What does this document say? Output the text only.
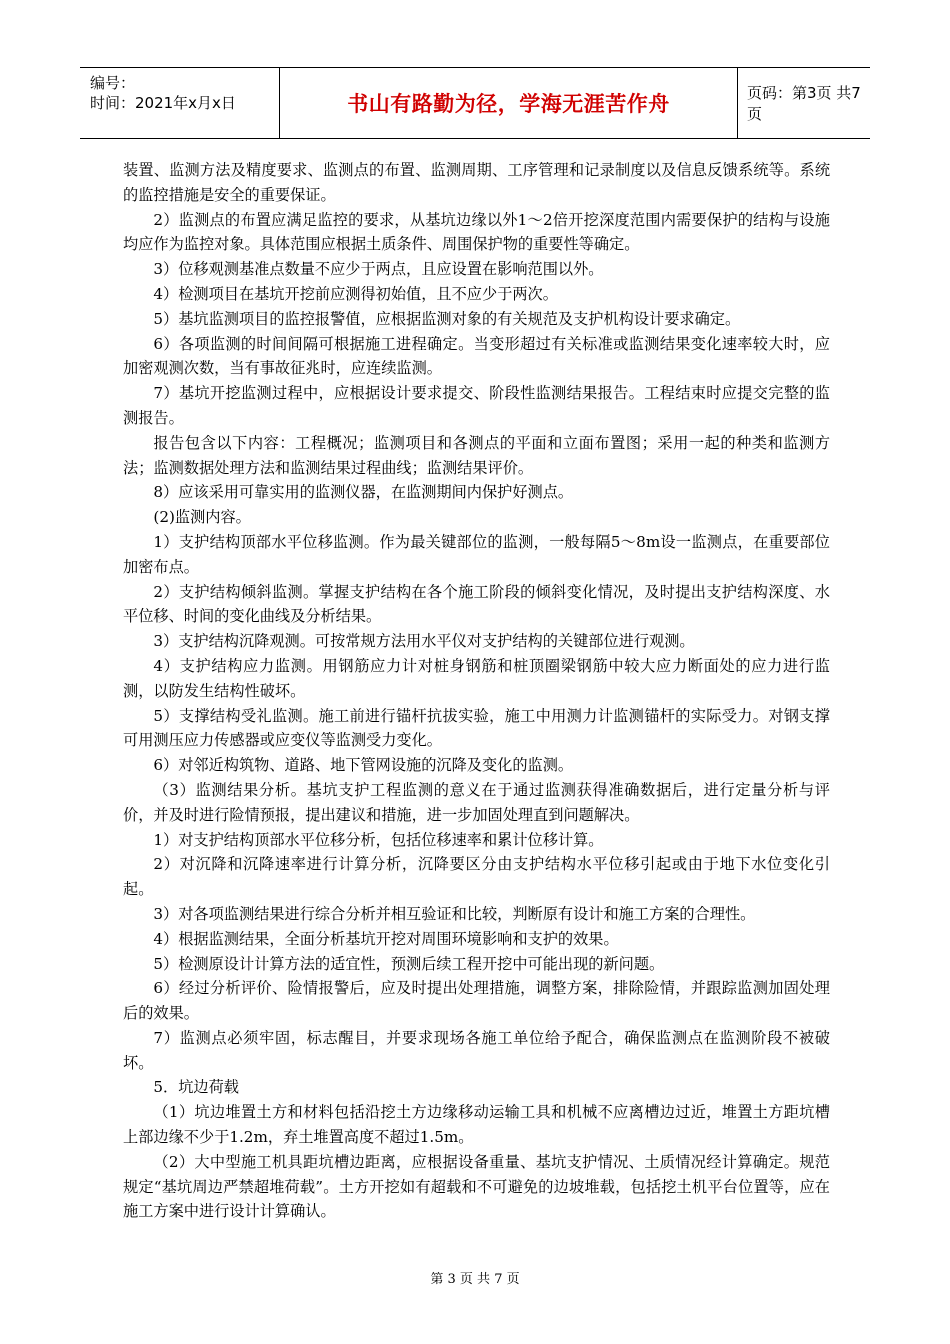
编号：
时间：2021年x月x日	书山有路勤为径，学海无涯苦作舟	页码：第3页 共7页

装置、监测方法及精度要求、监测点的布置、监测周期、工序管理和记录制度以及信息反馈系统等。系统的监控措施是安全的重要保证。

2）监测点的布置应满足监控的要求，从基坑边缘以外1～2倍开挖深度范围内需要保护的结构与设施均应作为监控对象。具体范围应根据土质条件、周围保护物的重要性等确定。

3）位移观测基准点数量不应少于两点，且应设置在影响范围以外。

4）检测项目在基坑开挖前应测得初始值，且不应少于两次。

5）基坑监测项目的监控报警值，应根据监测对象的有关规范及支护机构设计要求确定。

6）各项监测的时间间隔可根据施工进程确定。当变形超过有关标准或监测结果变化速率较大时，应加密观测次数，当有事故征兆时，应连续监测。

7）基坑开挖监测过程中，应根据设计要求提交、阶段性监测结果报告。工程结束时应提交完整的监测报告。

报告包含以下内容：工程概况；监测项目和各测点的平面和立面布置图；采用一起的种类和监测方法；监测数据处理方法和监测结果过程曲线；监测结果评价。

8）应该采用可靠实用的监测仪器，在监测期间内保护好测点。

(2)监测内容。

1）支护结构顶部水平位移监测。作为最关键部位的监测，一般每隔5～8m设一监测点，在重要部位加密布点。

2）支护结构倾斜监测。掌握支护结构在各个施工阶段的倾斜变化情况，及时提出支护结构深度、水平位移、时间的变化曲线及分析结果。

3）支护结构沉降观测。可按常规方法用水平仪对支护结构的关键部位进行观测。

4）支护结构应力监测。用钢筋应力计对桩身钢筋和桩顶圈梁钢筋中较大应力断面处的应力进行监测，以防发生结构性破坏。

5）支撑结构受礼监测。施工前进行锚杆抗拔实验，施工中用测力计监测锚杆的实际受力。对钢支撑可用测压应力传感器或应变仪等监测受力变化。

6）对邻近构筑物、道路、地下管网设施的沉降及变化的监测。

（3）监测结果分析。基坑支护工程监测的意义在于通过监测获得准确数据后，进行定量分析与评价，并及时进行险情预报，提出建议和措施，进一步加固处理直到问题解决。

1）对支护结构顶部水平位移分析，包括位移速率和累计位移计算。

2）对沉降和沉降速率进行计算分析，沉降要区分由支护结构水平位移引起或由于地下水位变化引起。

3）对各项监测结果进行综合分析并相互验证和比较，判断原有设计和施工方案的合理性。

4）根据监测结果，全面分析基坑开挖对周围环境影响和支护的效果。

5）检测原设计计算方法的适宜性，预测后续工程开挖中可能出现的新问题。

6）经过分析评价、险情报警后，应及时提出处理措施，调整方案，排除险情，并跟踪监测加固处理后的效果。

7）监测点必须牢固，标志醒目，并要求现场各施工单位给予配合，确保监测点在监测阶段不被破坏。

5．坑边荷载

（1）坑边堆置土方和材料包括沿挖土方边缘移动运输工具和机械不应离槽边过近，堆置土方距坑槽上部边缘不少于1.2m，弃土堆置高度不超过1.5m。

（2）大中型施工机具距坑槽边距离，应根据设备重量、基坑支护情况、土质情况经计算确定。规范规定“基坑周边严禁超堆荷载”。土方开挖如有超载和不可避免的边坡堆载，包括挖土机平台位置等，应在施工方案中进行设计计算确认。

第 3 页 共 7 页
